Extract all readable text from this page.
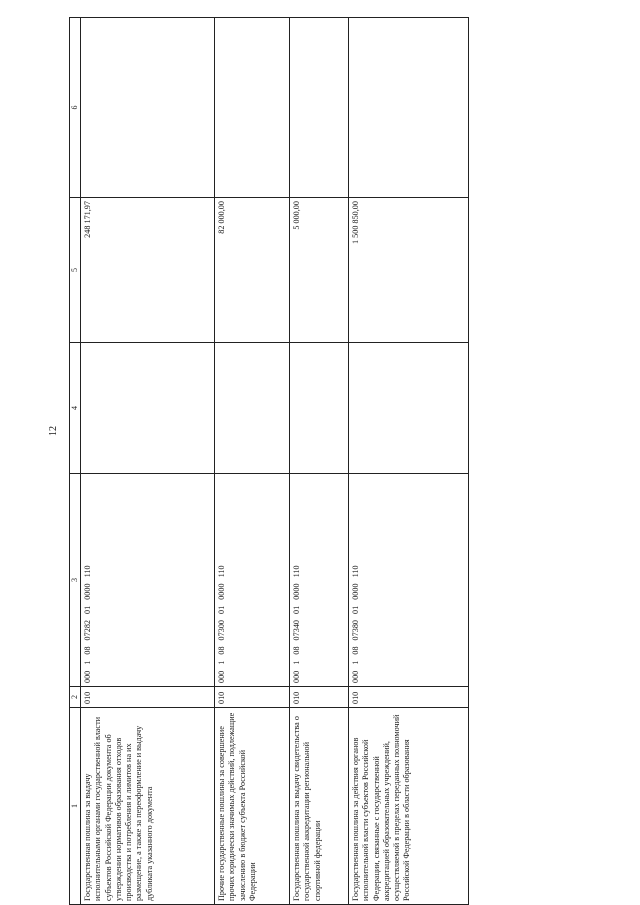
12
1	2	3	4	5	6
Государственная пошлина за выдачу исполнительными органами государственной власти субъектов Российской Федерации документа об утверждении нормативов образования отходов производства и потребления и лимитов на их размещение, а также за переоформление и выдачу дубликата указанного документа	010	00010807282010000110		248 171,97	
Прочие государственные пошлины за совершение прочих юридически значимых действий, подлежащие зачислению в бюджет субъекта Российской Федерации	010	00010807300010000110		82 000,00	
Государственная пошлина за выдачу свидетельства о государственной аккредитации региональной спортивной федерации	010	00010807340010000110		5 000,00	
Государственная пошлина за действия органов исполнительной власти субъектов Российской Федерации, связанные с государственной аккредитацией образовательных учреждений, осуществляемой в пределах переданных полномочий Российской Федерации в области образования	010	00010807380010000110		1 500 850,00	
